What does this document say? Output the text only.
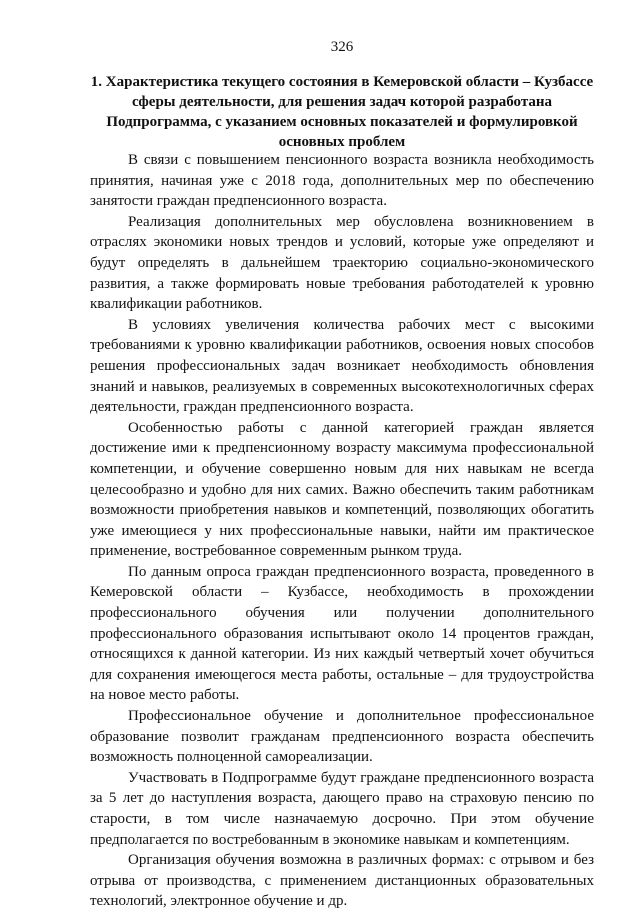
326
1. Характеристика текущего состояния в Кемеровской области – Кузбассе сферы деятельности, для решения задач которой разработана Подпрограмма, с указанием основных показателей и формулировкой основных проблем

В связи с повышением пенсионного возраста возникла необходимость принятия, начиная уже с 2018 года, дополнительных мер по обеспечению занятости граждан предпенсионного возраста.

Реализация дополнительных мер обусловлена возникновением в отраслях экономики новых трендов и условий, которые уже определяют и будут определять в дальнейшем траекторию социально-экономического развития, а также формировать новые требования работодателей к уровню квалификации работников.

В условиях увеличения количества рабочих мест с высокими требованиями к уровню квалификации работников, освоения новых способов решения профессиональных задач возникает необходимость обновления знаний и навыков, реализуемых в современных высокотехнологичных сферах деятельности, граждан предпенсионного возраста.

Особенностью работы с данной категорией граждан является достижение ими к предпенсионному возрасту максимума профессиональной компетенции, и обучение совершенно новым для них навыкам не всегда целесообразно и удобно для них самих. Важно обеспечить таким работникам возможности приобретения навыков и компетенций, позволяющих обогатить уже имеющиеся у них профессиональные навыки, найти им практическое применение, востребованное современным рынком труда.

По данным опроса граждан предпенсионного возраста, проведенного в Кемеровской области – Кузбассе, необходимость в прохождении профессионального обучения или получении дополнительного профессионального образования испытывают около 14 процентов граждан, относящихся к данной категории. Из них каждый четвертый хочет обучиться для сохранения имеющегося места работы, остальные – для трудоустройства на новое место работы.

Профессиональное обучение и дополнительное профессиональное образование позволит гражданам предпенсионного возраста обеспечить возможность полноценной самореализации.

Участвовать в Подпрограмме будут граждане предпенсионного возраста за 5 лет до наступления возраста, дающего право на страховую пенсию по старости, в том числе назначаемую досрочно. При этом обучение предполагается по востребованным в экономике навыкам и компетенциям.

Организация обучения возможна в различных формах: с отрывом и без отрыва от производства, с применением дистанционных образовательных технологий, электронное обучение и др.
